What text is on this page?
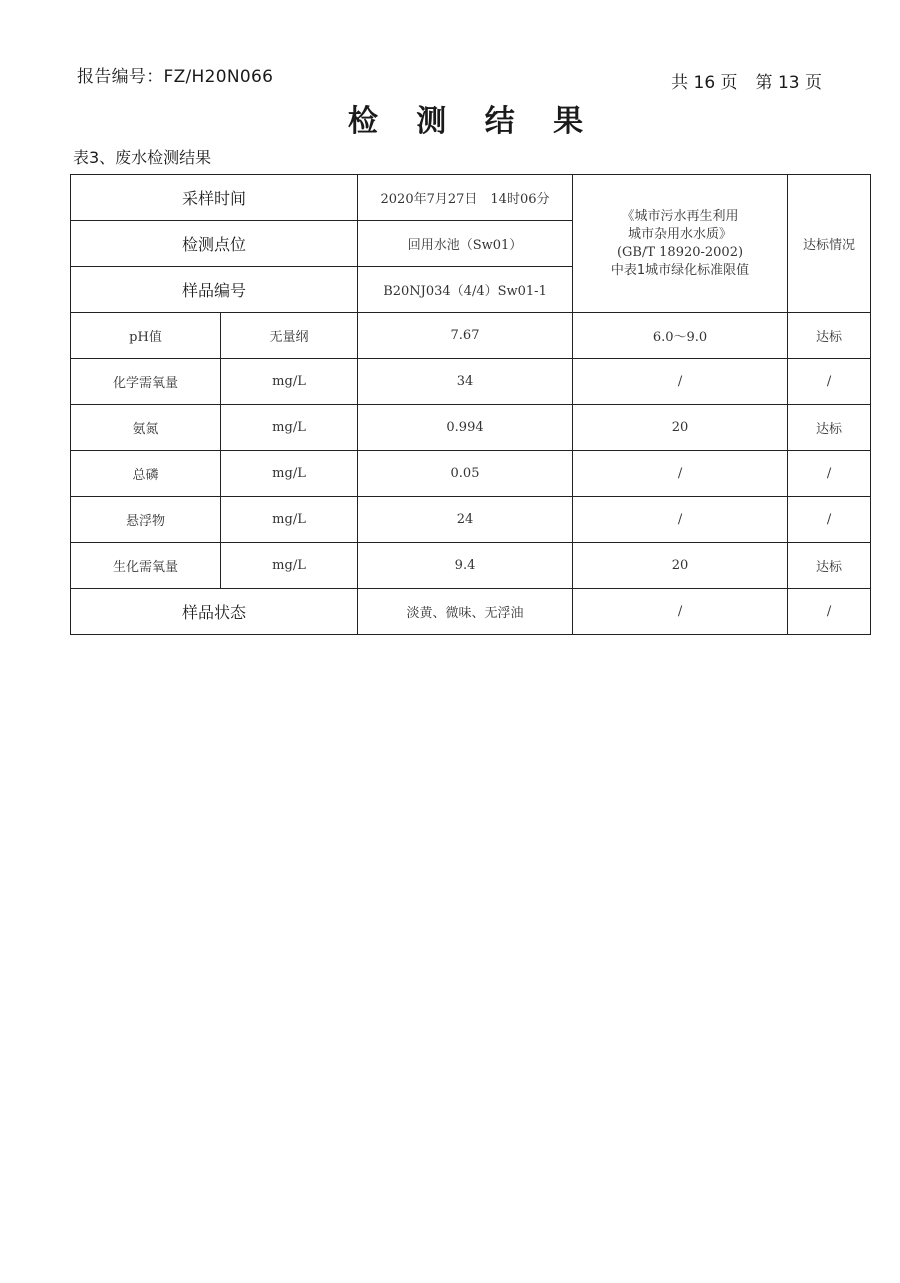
报告编号：FZ/H20N066	共 16 页 第 13 页
检 测 结 果
表3、废水检测结果
采样时间		2020年7月27日　14时06分	《城市污水再生利用
城市杂用水水质》
(GB/T 18920-2002)
中表1城市绿化标准限值	达标情况
检测点位		回用水池（Sw01）		
样品编号		B20NJ034（4/4）Sw01-1		
pH值	无量纲	7.67	6.0～9.0	达标
化学需氧量	mg/L	34	/	/
氨氮	mg/L	0.994	20	达标
总磷	mg/L	0.05	/	/
悬浮物	mg/L	24	/	/
生化需氧量	mg/L	9.4	20	达标
样品状态		淡黄、微味、无浮油	/	/
